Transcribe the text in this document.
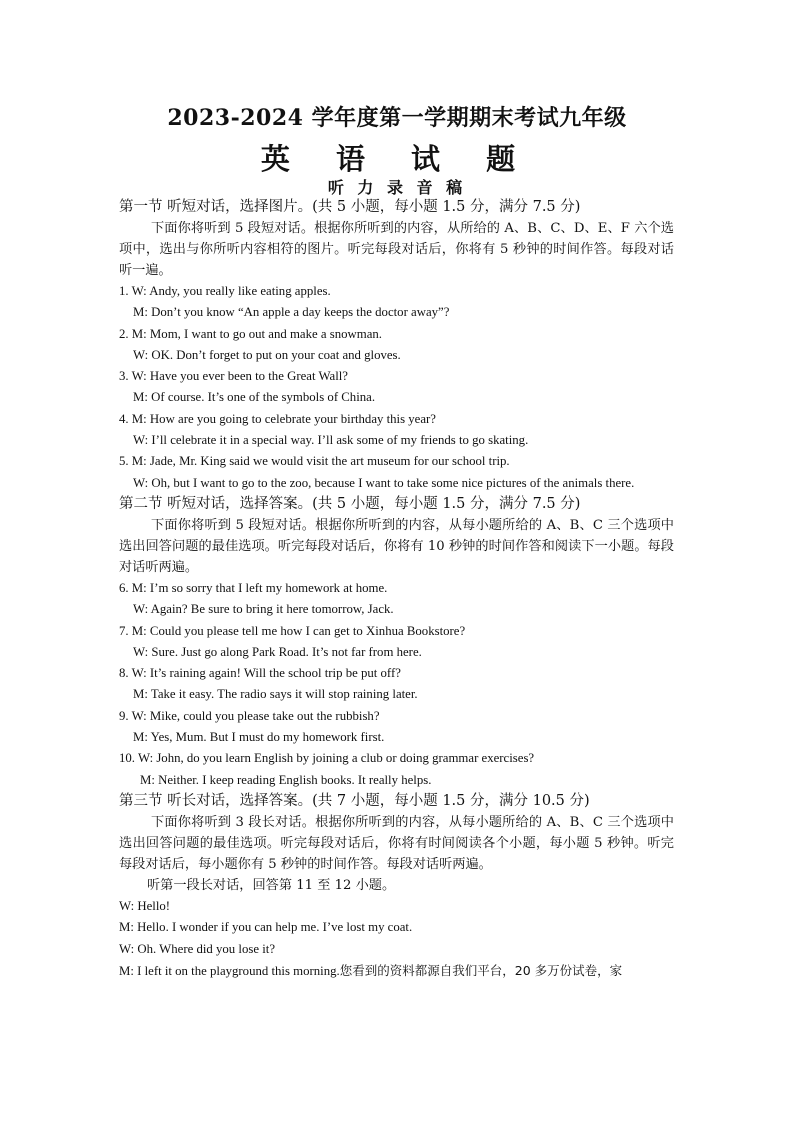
2023-2024 学年度第一学期期末考试九年级
英 语 试 题
听 力 录 音 稿
第一节 听短对话，选择图片。(共 5 小题，每小题 1.5 分，满分 7.5 分)
下面你将听到 5 段短对话。根据你所听到的内容，从所给的 A、B、C、D、E、F 六个选项中，选出与你所听内容相符的图片。听完每段对话后，你将有 5 秒钟的时间作答。每段对话听一遍。
1. W: Andy, you really like eating apples.
M: Don’t you know “An apple a day keeps the doctor away”?
2. M: Mom, I want to go out and make a snowman.
W: OK. Don’t forget to put on your coat and gloves.
3. W: Have you ever been to the Great Wall?
M: Of course. It’s one of the symbols of China.
4. M: How are you going to celebrate your birthday this year?
W: I’ll celebrate it in a special way. I’ll ask some of my friends to go skating.
5. M: Jade, Mr. King said we would visit the art museum for our school trip.
W: Oh, but I want to go to the zoo, because I want to take some nice pictures of the animals there.
第二节 听短对话，选择答案。(共 5 小题，每小题 1.5 分，满分 7.5 分)
下面你将听到 5 段短对话。根据你所听到的内容，从每小题所给的 A、B、C 三个选项中选出回答问题的最佳选项。听完每段对话后，你将有 10 秒钟的时间作答和阅读下一小题。每段对话听两遍。
6. M: I’m so sorry that I left my homework at home.
W: Again? Be sure to bring it here tomorrow, Jack.
7. M: Could you please tell me how I can get to Xinhua Bookstore?
W: Sure. Just go along Park Road. It’s not far from here.
8. W: It’s raining again! Will the school trip be put off?
M: Take it easy. The radio says it will stop raining later.
9. W: Mike, could you please take out the rubbish?
M: Yes, Mum. But I must do my homework first.
10. W: John, do you learn English by joining a club or doing grammar exercises?
M: Neither. I keep reading English books. It really helps.
第三节 听长对话，选择答案。(共 7 小题，每小题 1.5 分，满分 10.5 分)
下面你将听到 3 段长对话。根据你所听到的内容，从每小题所给的 A、B、C 三个选项中选出回答问题的最佳选项。听完每段对话后，你将有时间阅读各个小题，每小题 5 秒钟。听完每段对话后，每小题你有 5 秒钟的时间作答。每段对话听两遍。
听第一段长对话，回答第 11 至 12 小题。
W: Hello!
M: Hello. I wonder if you can help me. I’ve lost my coat.
W: Oh. Where did you lose it?
M: I left it on the playground this morning.您看到的资料都源自我们平台，20 多万份试卷，家
